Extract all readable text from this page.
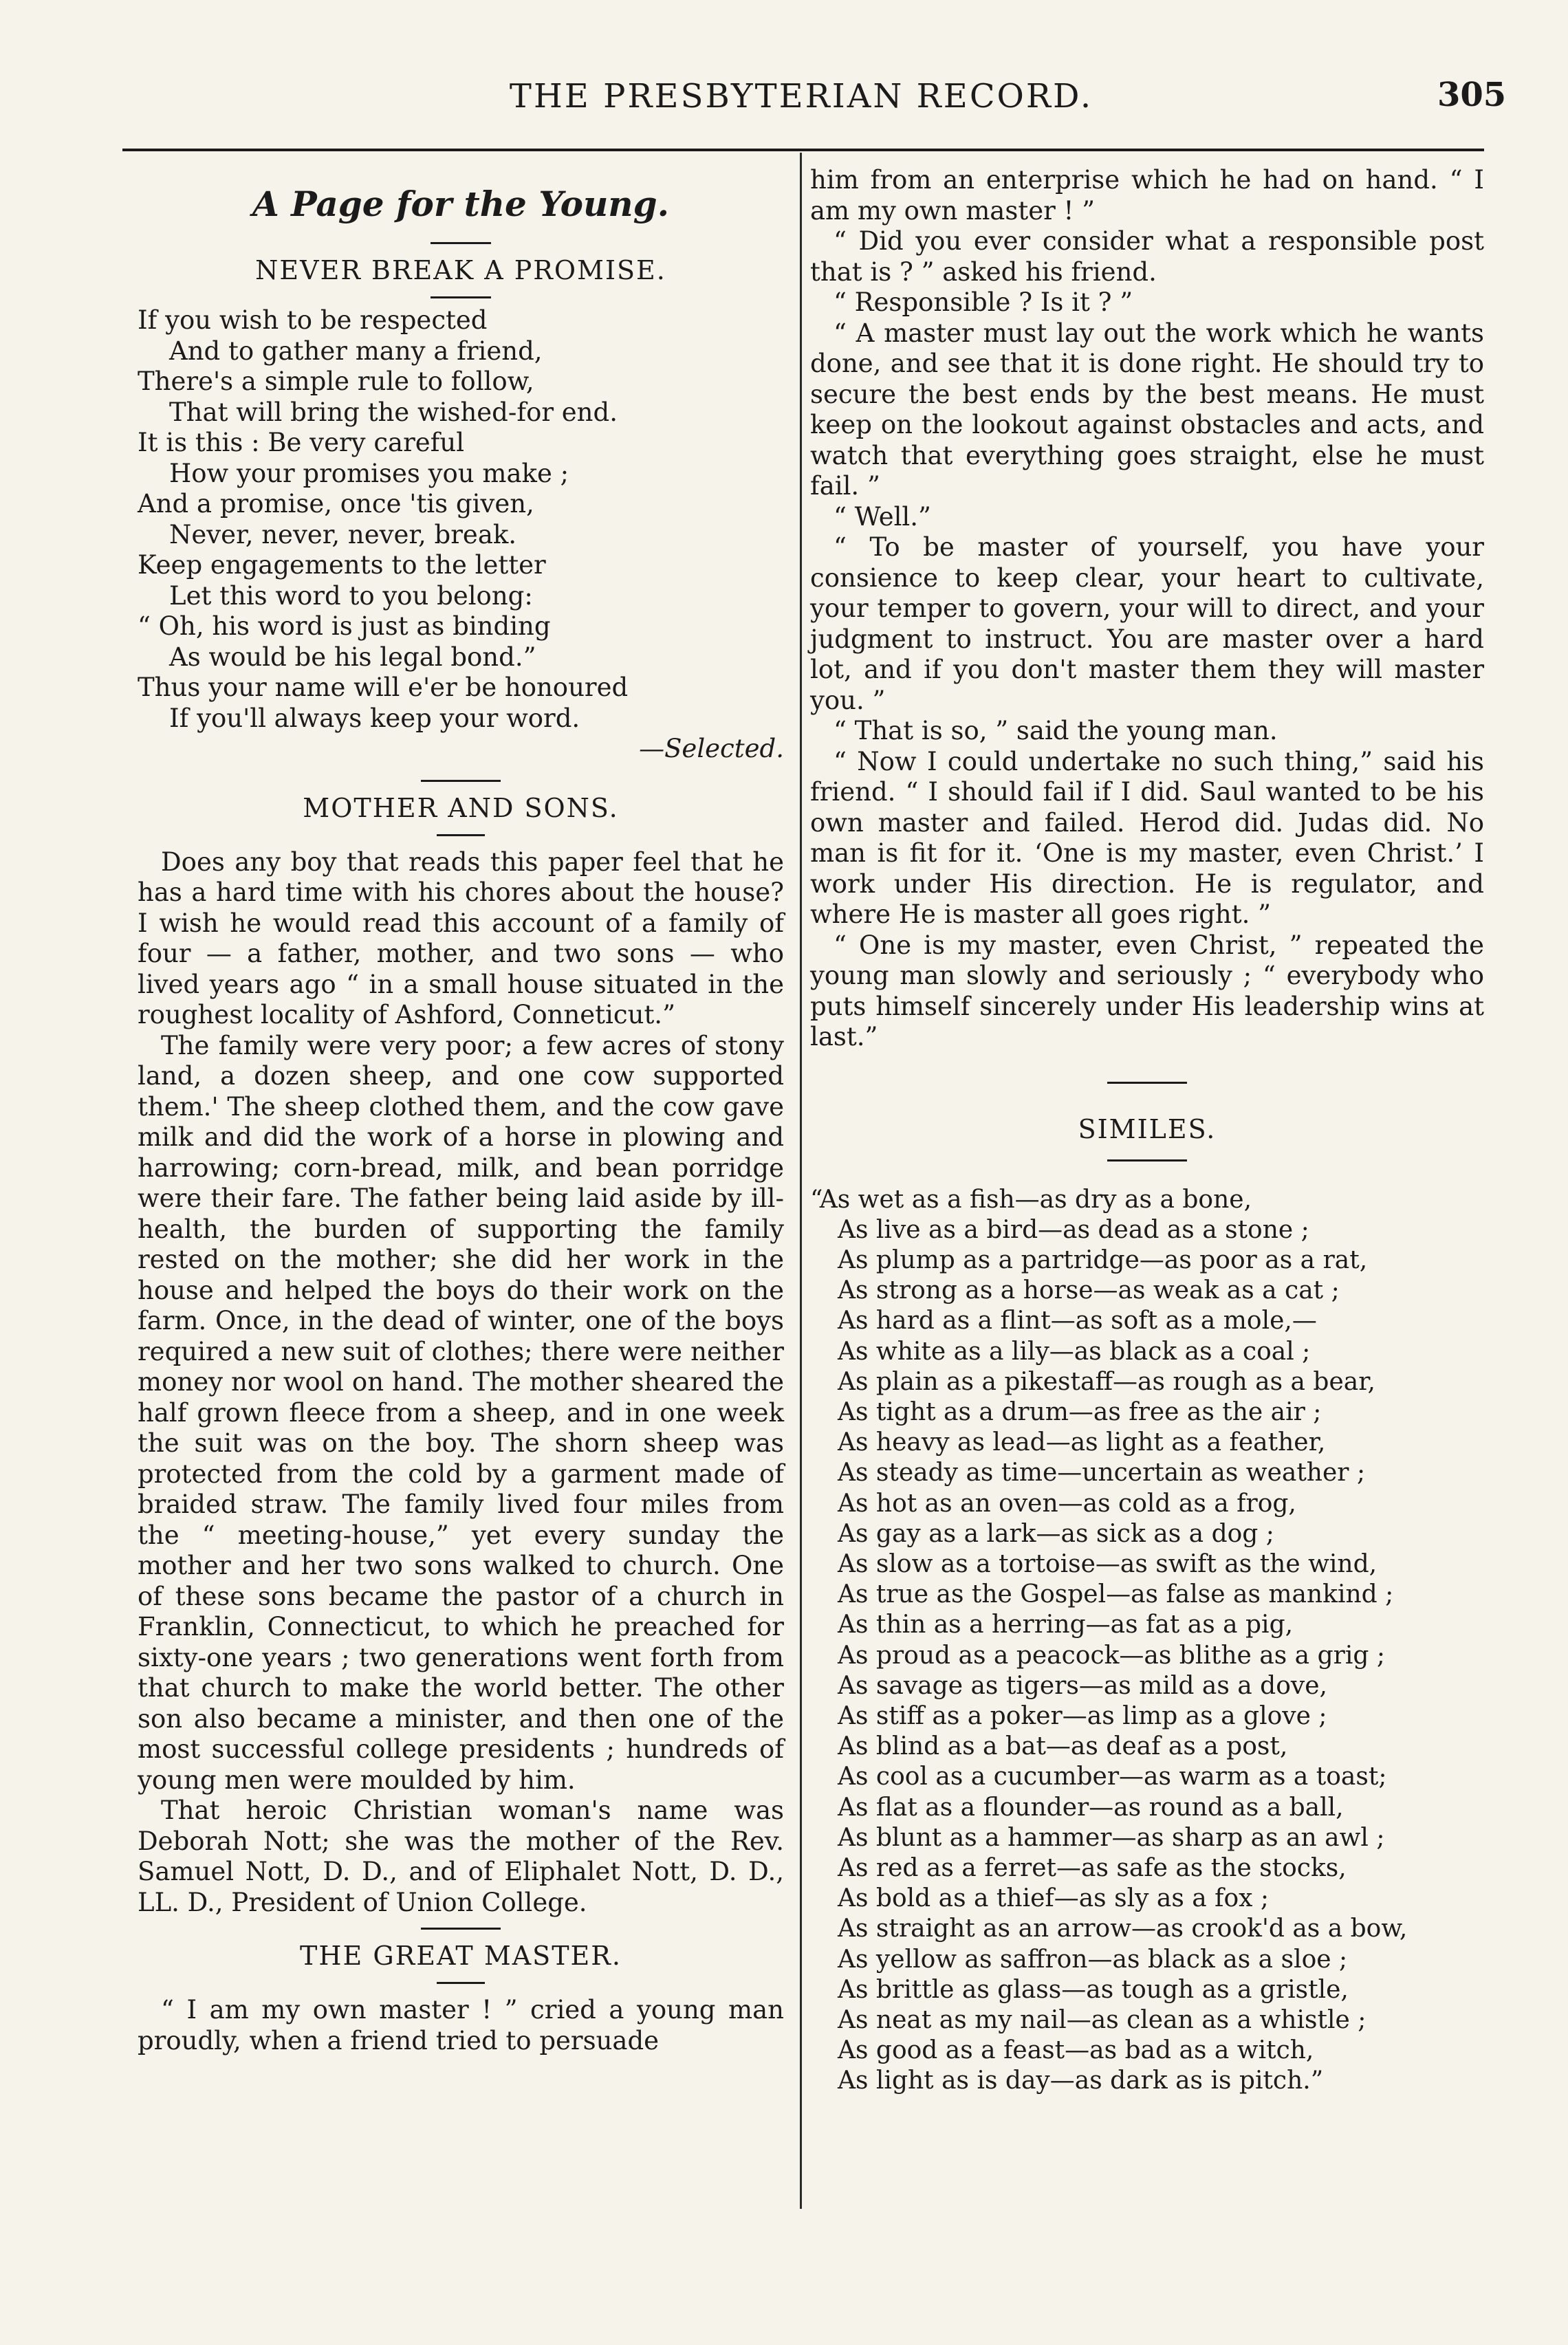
THE PRESBYTERIAN RECORD.	305
A Page for the Young.
NEVER BREAK A PROMISE.
If you wish to be respected
And to gather many a friend,
There's a simple rule to follow,
That will bring the wished-for end.
It is this : Be very careful
How your promises you make ;
And a promise, once 'tis given,
Never, never, never, break.
Keep engagements to the letter
Let this word to you belong:
“ Oh, his word is just as binding
As would be his legal bond.”
Thus your name will e'er be honoured
If you'll always keep your word.
—Selected.
MOTHER AND SONS.

Does any boy that reads this paper feel that he has a hard time with his chores about the house? I wish he would read this account of a family of four — a father, mother, and two sons — who lived years ago “ in a small house situated in the roughest locality of Ashford, Conneticut.”

The family were very poor; a few acres of stony land, a dozen sheep, and one cow supported them.' The sheep clothed them, and the cow gave milk and did the work of a horse in plowing and harrowing; corn-bread, milk, and bean porridge were their fare. The father being laid aside by ill-health, the burden of supporting the family rested on the mother; she did her work in the house and helped the boys do their work on the farm. Once, in the dead of winter, one of the boys required a new suit of clothes; there were neither money nor wool on hand. The mother sheared the half grown fleece from a sheep, and in one week the suit was on the boy. The shorn sheep was protected from the cold by a garment made of braided straw. The family lived four miles from the “ meeting-house,” yet every sunday the mother and her two sons walked to church. One of these sons became the pastor of a church in Franklin, Connecticut, to which he preached for sixty-one years ; two generations went forth from that church to make the world better. The other son also became a minister, and then one of the most successful college presidents ; hundreds of young men were moulded by him.

That heroic Christian woman's name was Deborah Nott; she was the mother of the Rev. Samuel Nott, D. D., and of Eliphalet Nott, D. D., LL. D., President of Union College.

THE GREAT MASTER.

“ I am my own master ! ” cried a young man proudly, when a friend tried to persuade

him from an enterprise which he had on hand. “ I am my own master ! ”

“ Did you ever consider what a responsible post that is ? ” asked his friend.

“ Responsible ? Is it ? ”

“ A master must lay out the work which he wants done, and see that it is done right. He should try to secure the best ends by the best means. He must keep on the lookout against obstacles and acts, and watch that everything goes straight, else he must fail. ”

“ Well.”

“ To be master of yourself, you have your consience to keep clear, your heart to cultivate, your temper to govern, your will to direct, and your judgment to instruct. You are master over a hard lot, and if you don't master them they will master you. ”

“ That is so, ” said the young man.

“ Now I could undertake no such thing,” said his friend. “ I should fail if I did. Saul wanted to be his own master and failed. Herod did. Judas did. No man is fit for it. ‘One is my master, even Christ.’ I work under His direction. He is regulator, and where He is master all goes right. ”

“ One is my master, even Christ, ” repeated the young man slowly and seriously ; “ everybody who puts himself sincerely under His leadership wins at last.”

SIMILES.
“As wet as a fish—as dry as a bone,
As live as a bird—as dead as a stone ;
As plump as a partridge—as poor as a rat,
As strong as a horse—as weak as a cat ;
As hard as a flint—as soft as a mole,—
As white as a lily—as black as a coal ;
As plain as a pikestaff—as rough as a bear,
As tight as a drum—as free as the air ;
As heavy as lead—as light as a feather,
As steady as time—uncertain as weather ;
As hot as an oven—as cold as a frog,
As gay as a lark—as sick as a dog ;
As slow as a tortoise—as swift as the wind,
As true as the Gospel—as false as mankind ;
As thin as a herring—as fat as a pig,
As proud as a peacock—as blithe as a grig ;
As savage as tigers—as mild as a dove,
As stiff as a poker—as limp as a glove ;
As blind as a bat—as deaf as a post,
As cool as a cucumber—as warm as a toast;
As flat as a flounder—as round as a ball,
As blunt as a hammer—as sharp as an awl ;
As red as a ferret—as safe as the stocks,
As bold as a thief—as sly as a fox ;
As straight as an arrow—as crook'd as a bow,
As yellow as saffron—as black as a sloe ;
As brittle as glass—as tough as a gristle,
As neat as my nail—as clean as a whistle ;
As good as a feast—as bad as a witch,
As light as is day—as dark as is pitch.”
